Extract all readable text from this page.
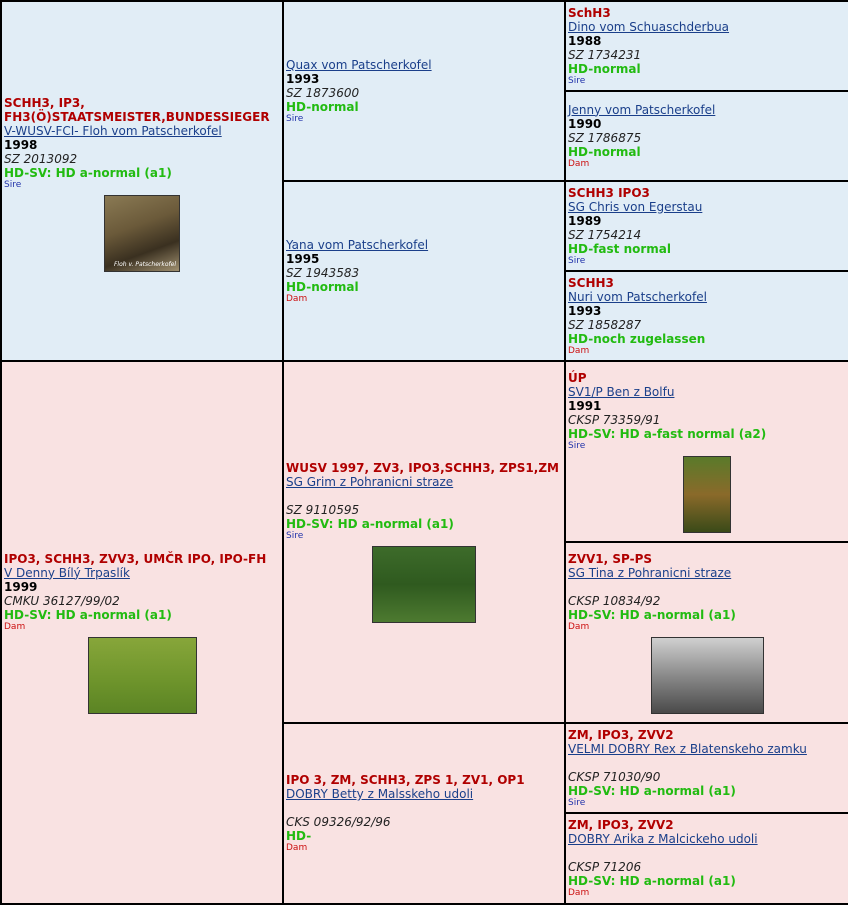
SCHH3, IP3, FH3(Ö)STAATSMEISTER,BUNDESSIEGER
V-WUSV-FCI- Floh vom Patscherkofel
1998
SZ 2013092
HD-SV: HD a-normal (a1)
Sire
Floh v. Patscherkofel
Quax vom Patscherkofel
1993
SZ 1873600
HD-normal
Sire
SchH3
Dino vom Schuaschderbua
1988
SZ 1734231
HD-normal
Sire
Jenny vom Patscherkofel
1990
SZ 1786875
HD-normal
Dam
Yana vom Patscherkofel
1995
SZ 1943583
HD-normal
Dam
SCHH3 IPO3
SG Chris von Egerstau
1989
SZ 1754214
HD-fast normal
Sire
SCHH3
Nuri vom Patscherkofel
1993
SZ 1858287
HD-noch zugelassen
Dam
IPO3, SCHH3, ZVV3, UMČR IPO, IPO-FH
V Denny Bílý Trpaslík
1999
CMKU 36127/99/02
HD-SV: HD a-normal (a1)
Dam
WUSV 1997, ZV3, IPO3,SCHH3, ZPS1,ZM
SG Grim z Pohranicni straze
SZ 9110595
HD-SV: HD a-normal (a1)
Sire
ÚP
SV1/P Ben z Bolfu
1991
CKSP 73359/91
HD-SV: HD a-fast normal (a2)
Sire
ZVV1, SP-PS
SG Tina z Pohranicni straze
CKSP 10834/92
HD-SV: HD a-normal (a1)
Dam
IPO 3, ZM, SCHH3, ZPS 1, ZV1, OP1
DOBRY Betty z Malsskeho udoli
CKS 09326/92/96
HD-
Dam
ZM, IPO3, ZVV2
VELMI DOBRY Rex z Blatenskeho zamku
CKSP 71030/90
HD-SV: HD a-normal (a1)
Sire
ZM, IPO3, ZVV2
DOBRY Arika z Malcickeho udoli
CKSP 71206
HD-SV: HD a-normal (a1)
Dam
